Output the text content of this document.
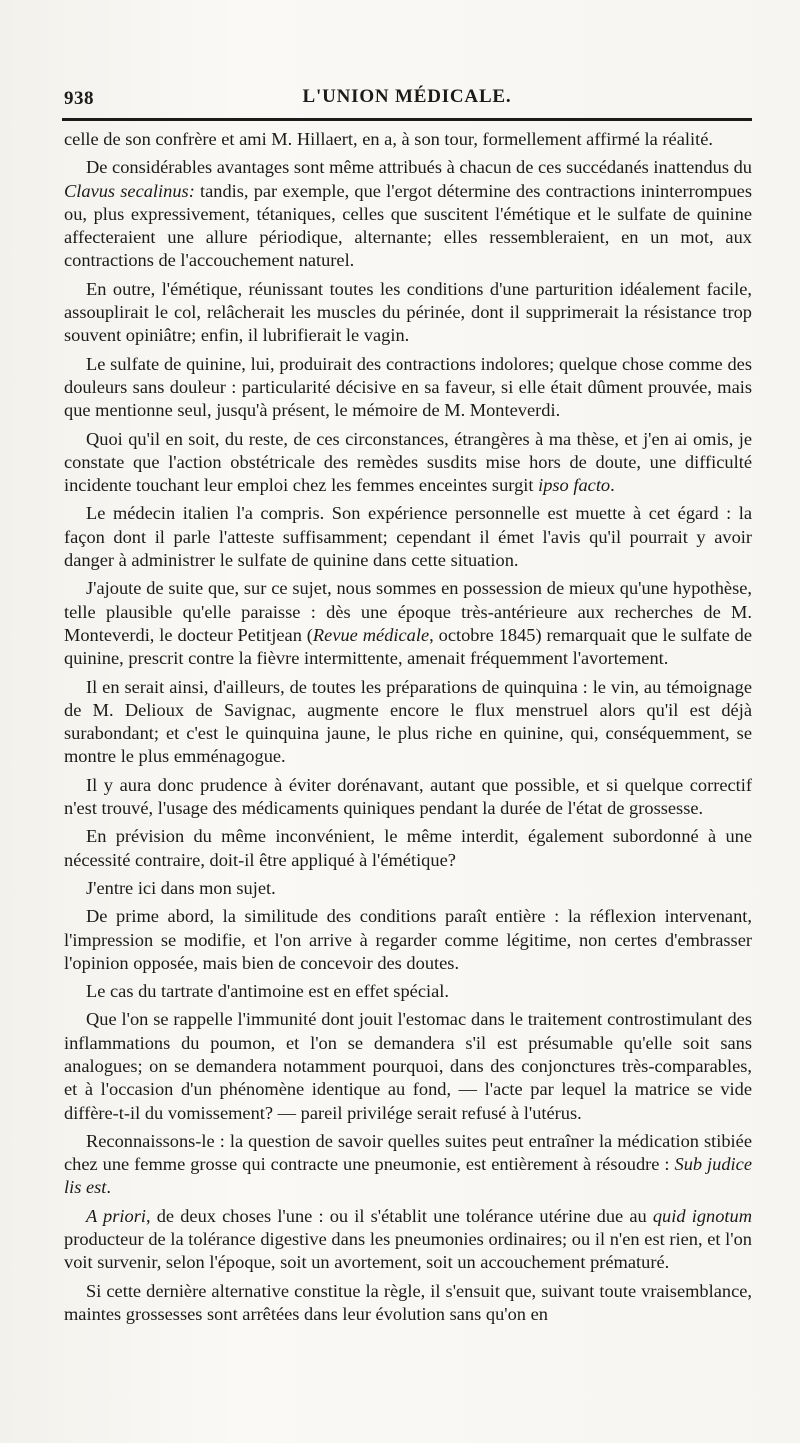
938	L'UNION MÉDICALE.

celle de son confrère et ami M. Hillaert, en a, à son tour, formellement affirmé la réalité.

De considérables avantages sont même attribués à chacun de ces succédanés inattendus du Clavus secalinus: tandis, par exemple, que l'ergot détermine des contractions ininterrompues ou, plus expressivement, tétaniques, celles que suscitent l'émétique et le sulfate de quinine affecteraient une allure périodique, alternante; elles ressembleraient, en un mot, aux contractions de l'accouchement naturel.

En outre, l'émétique, réunissant toutes les conditions d'une parturition idéalement facile, assouplirait le col, relâcherait les muscles du périnée, dont il supprimerait la résistance trop souvent opiniâtre; enfin, il lubrifierait le vagin.

Le sulfate de quinine, lui, produirait des contractions indolores; quelque chose comme des douleurs sans douleur : particularité décisive en sa faveur, si elle était dûment prouvée, mais que mentionne seul, jusqu'à présent, le mémoire de M. Monteverdi.

Quoi qu'il en soit, du reste, de ces circonstances, étrangères à ma thèse, et j'en ai omis, je constate que l'action obstétricale des remèdes susdits mise hors de doute, une difficulté incidente touchant leur emploi chez les femmes enceintes surgit ipso facto.

Le médecin italien l'a compris. Son expérience personnelle est muette à cet égard : la façon dont il parle l'atteste suffisamment; cependant il émet l'avis qu'il pourrait y avoir danger à administrer le sulfate de quinine dans cette situation.

J'ajoute de suite que, sur ce sujet, nous sommes en possession de mieux qu'une hypothèse, telle plausible qu'elle paraisse : dès une époque très-antérieure aux recherches de M. Monteverdi, le docteur Petitjean (Revue médicale, octobre 1845) remarquait que le sulfate de quinine, prescrit contre la fièvre intermittente, amenait fréquemment l'avortement.

Il en serait ainsi, d'ailleurs, de toutes les préparations de quinquina : le vin, au témoignage de M. Delioux de Savignac, augmente encore le flux menstruel alors qu'il est déjà surabondant; et c'est le quinquina jaune, le plus riche en quinine, qui, conséquemment, se montre le plus emménagogue.

Il y aura donc prudence à éviter dorénavant, autant que possible, et si quelque correctif n'est trouvé, l'usage des médicaments quiniques pendant la durée de l'état de grossesse.

En prévision du même inconvénient, le même interdit, également subordonné à une nécessité contraire, doit-il être appliqué à l'émétique?

J'entre ici dans mon sujet.

De prime abord, la similitude des conditions paraît entière : la réflexion intervenant, l'impression se modifie, et l'on arrive à regarder comme légitime, non certes d'embrasser l'opinion opposée, mais bien de concevoir des doutes.

Le cas du tartrate d'antimoine est en effet spécial.

Que l'on se rappelle l'immunité dont jouit l'estomac dans le traitement controstimulant des inflammations du poumon, et l'on se demandera s'il est présumable qu'elle soit sans analogues; on se demandera notamment pourquoi, dans des conjonctures très-comparables, et à l'occasion d'un phénomène identique au fond, — l'acte par lequel la matrice se vide diffère-t-il du vomissement? — pareil privilége serait refusé à l'utérus.

Reconnaissons-le : la question de savoir quelles suites peut entraîner la médication stibiée chez une femme grosse qui contracte une pneumonie, est entièrement à résoudre : Sub judice lis est.

A priori, de deux choses l'une : ou il s'établit une tolérance utérine due au quid ignotum producteur de la tolérance digestive dans les pneumonies ordinaires; ou il n'en est rien, et l'on voit survenir, selon l'époque, soit un avortement, soit un accouchement prématuré.

Si cette dernière alternative constitue la règle, il s'ensuit que, suivant toute vraisemblance, maintes grossesses sont arrêtées dans leur évolution sans qu'on en
